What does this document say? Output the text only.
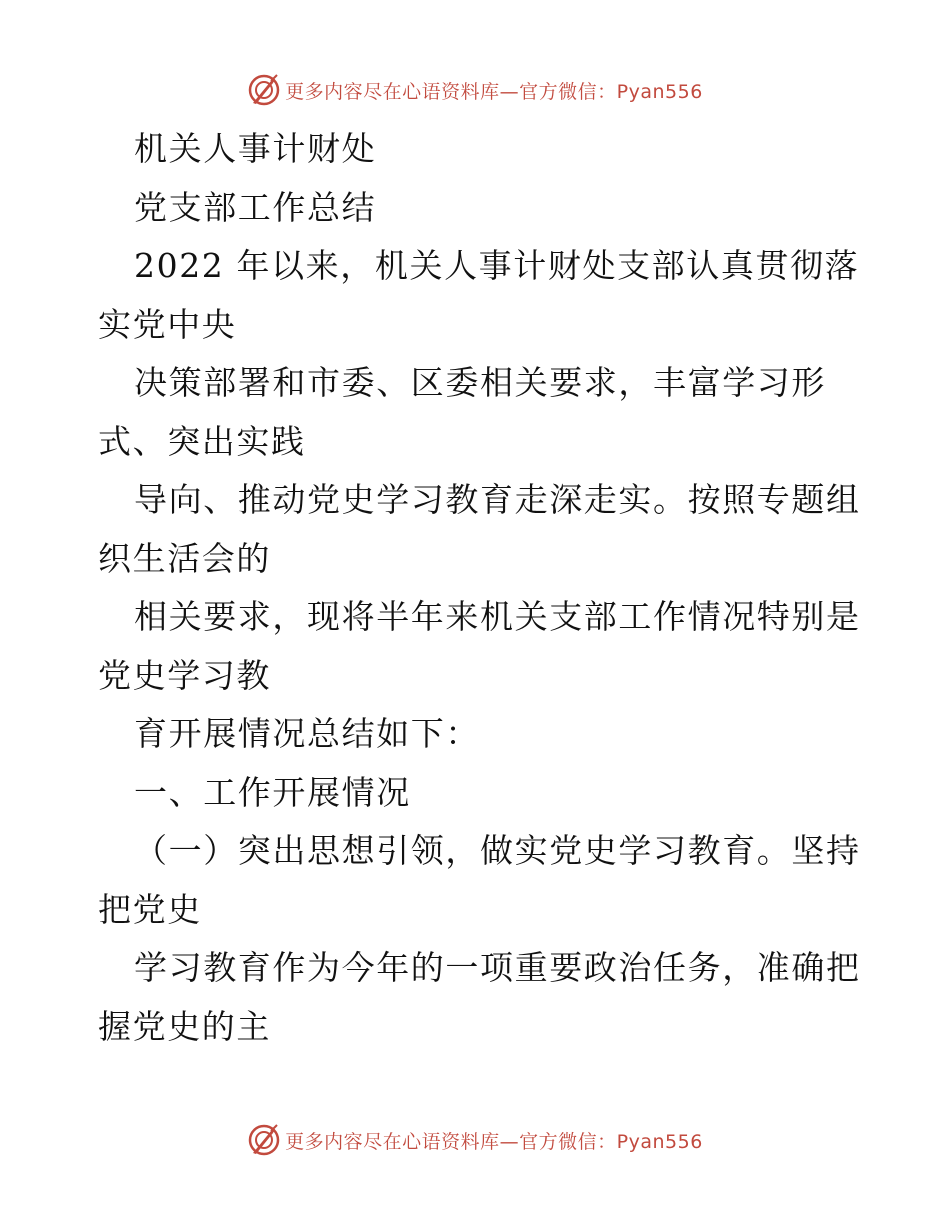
更多内容尽在心语资料库—官方微信：Pyan556
机关人事计财处
党支部工作总结
2022 年以来，机关人事计财处支部认真贯彻落
实党中央
决策部署和市委、区委相关要求，丰富学习形
式、突出实践
导向、推动党史学习教育走深走实。按照专题组
织生活会的
相关要求，现将半年来机关支部工作情况特别是
党史学习教
育开展情况总结如下：
一、工作开展情况
（一）突出思想引领，做实党史学习教育。坚持
把党史
学习教育作为今年的一项重要政治任务，准确把
握党史的主
更多内容尽在心语资料库—官方微信：Pyan556
